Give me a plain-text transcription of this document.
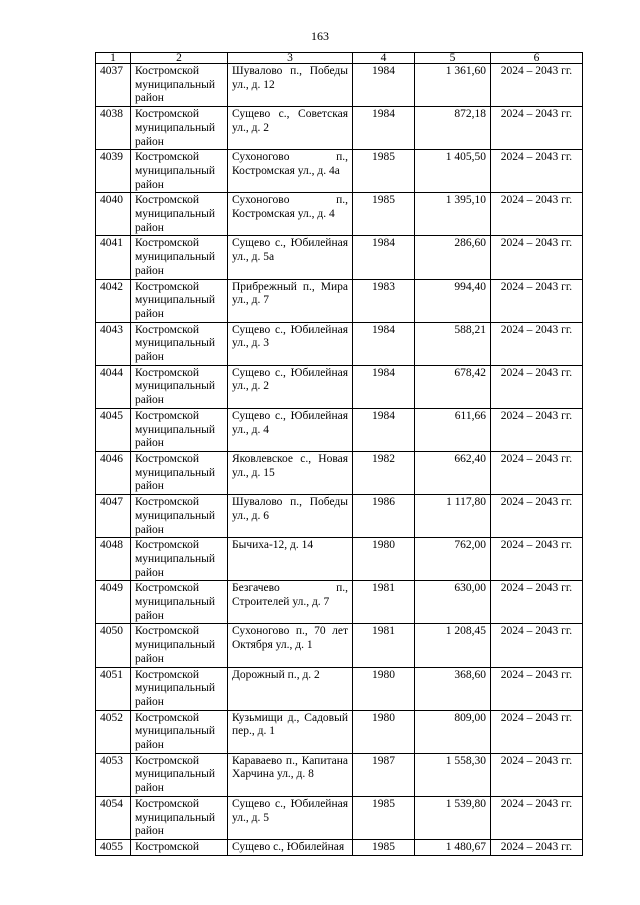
163
1	2	3	4	5	6
4037	Костромской муниципальный район	Шувалово п., Победы ул., д. 12	1984	1 361,60	2024 – 2043 гг.
4038	Костромской муниципальный район	Сущево с., Советская ул., д. 2	1984	872,18	2024 – 2043 гг.
4039	Костромской муниципальный район	Сухоноговo п., Костромская ул., д. 4а	1985	1 405,50	2024 – 2043 гг.
4040	Костромской муниципальный район	Сухоноговo п., Костромская ул., д. 4	1985	1 395,10	2024 – 2043 гг.
4041	Костромской муниципальный район	Сущево с., Юбилейная ул., д. 5а	1984	286,60	2024 – 2043 гг.
4042	Костромской муниципальный район	Прибрежный п., Мира ул., д. 7	1983	994,40	2024 – 2043 гг.
4043	Костромской муниципальный район	Сущево с., Юбилейная ул., д. 3	1984	588,21	2024 – 2043 гг.
4044	Костромской муниципальный район	Сущево с., Юбилейная ул., д. 2	1984	678,42	2024 – 2043 гг.
4045	Костромской муниципальный район	Сущево с., Юбилейная ул., д. 4	1984	611,66	2024 – 2043 гг.
4046	Костромской муниципальный район	Яковлевское с., Новая ул., д. 15	1982	662,40	2024 – 2043 гг.
4047	Костромской муниципальный район	Шувалово п., Победы ул., д. 6	1986	1 117,80	2024 – 2043 гг.
4048	Костромской муниципальный район	Бычиха-12, д. 14	1980	762,00	2024 – 2043 гг.
4049	Костромской муниципальный район	Безгачево п., Строителей ул., д. 7	1981	630,00	2024 – 2043 гг.
4050	Костромской муниципальный район	Сухоногово п., 70 лет Октября ул., д. 1	1981	1 208,45	2024 – 2043 гг.
4051	Костромской муниципальный район	Дорожный п., д. 2	1980	368,60	2024 – 2043 гг.
4052	Костромской муниципальный район	Кузьмищи д., Садовый пер., д. 1	1980	809,00	2024 – 2043 гг.
4053	Костромской муниципальный район	Караваево п., Капитана Харчина ул., д. 8	1987	1 558,30	2024 – 2043 гг.
4054	Костромской муниципальный район	Сущево с., Юбилейная ул., д. 5	1985	1 539,80	2024 – 2043 гг.
4055	Костромской	Сущево с., Юбилейная	1985	1 480,67	2024 – 2043 гг.
